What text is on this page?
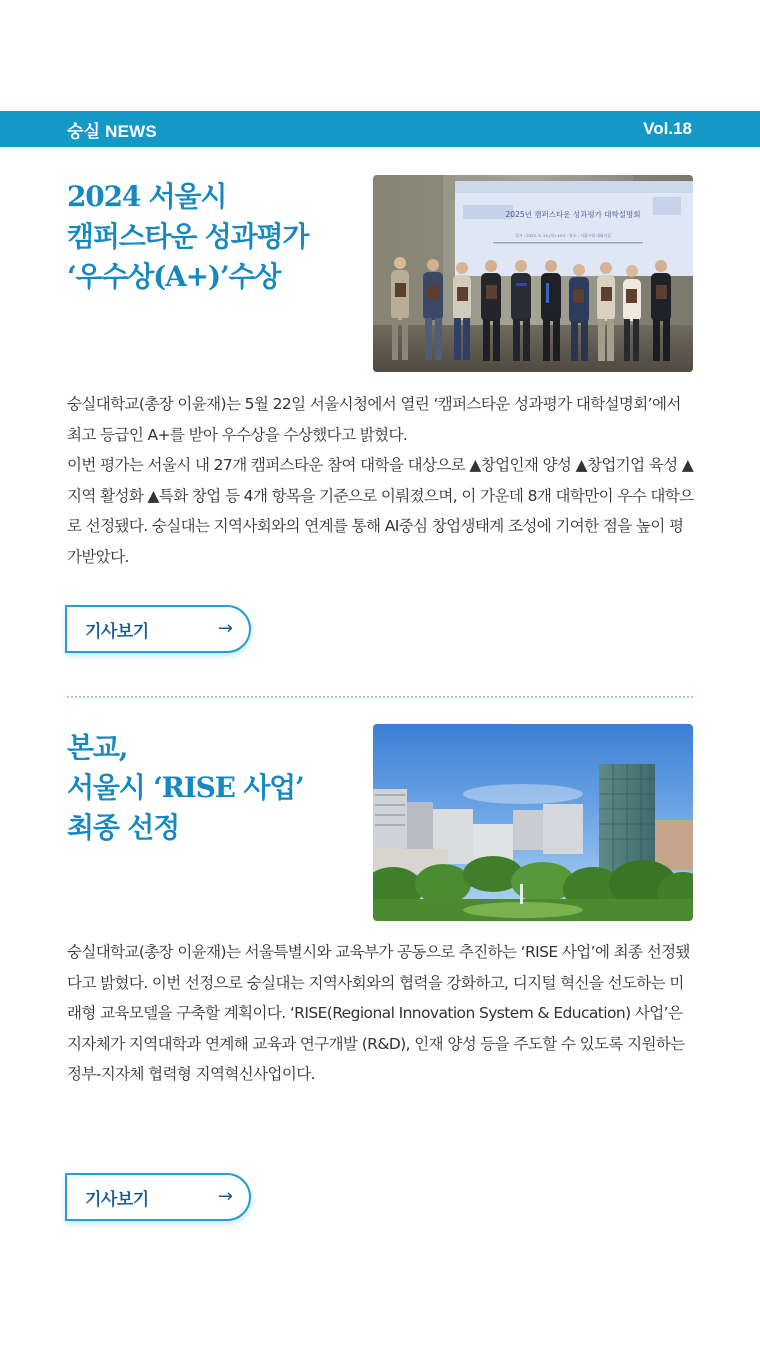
숭실 NEWS	Vol.18
2024 서울시
캠퍼스타운 성과평가
‘우수상(A+)’수상
2025년 캠퍼스타운 성과평가 대학설명회
일시 : 2025. 5. 22.(목) 10시 · 장소 : 서울시청 대회의실

숭실대학교(총장 이윤재)는 5월 22일 서울시청에서 열린 ‘캠퍼스타운 성과평가 대학설명회’에서 최고 등급인 A+를 받아 우수상을 수상했다고 밝혔다.

이번 평가는 서울시 내 27개 캠퍼스타운 참여 대학을 대상으로 ▲창업인재 양성 ▲창업기업 육성 ▲지역 활성화 ▲특화 창업 등 4개 항목을 기준으로 이뤄졌으며, 이 가운데 8개 대학만이 우수 대학으로 선정됐다. 숭실대는 지역사회와의 연계를 통해 AI중심 창업생태계 조성에 기여한 점을 높이 평가받았다.

기사보기	→
본교,
서울시 ‘RISE 사업’
최종 선정

숭실대학교(총장 이윤재)는 서울특별시와 교육부가 공동으로 추진하는 ‘RISE 사업’에 최종 선정됐다고 밝혔다. 이번 선정으로 숭실대는 지역사회와의 협력을 강화하고, 디지털 혁신을 선도하는 미래형 교육모델을 구축할 계획이다. ‘RISE(Regional Innovation System & Education) 사업’은 지자체가 지역대학과 연계해 교육과 연구개발 (R&D), 인재 양성 등을 주도할 수 있도록 지원하는 정부-지자체 협력형 지역혁신사업이다.

기사보기	→
